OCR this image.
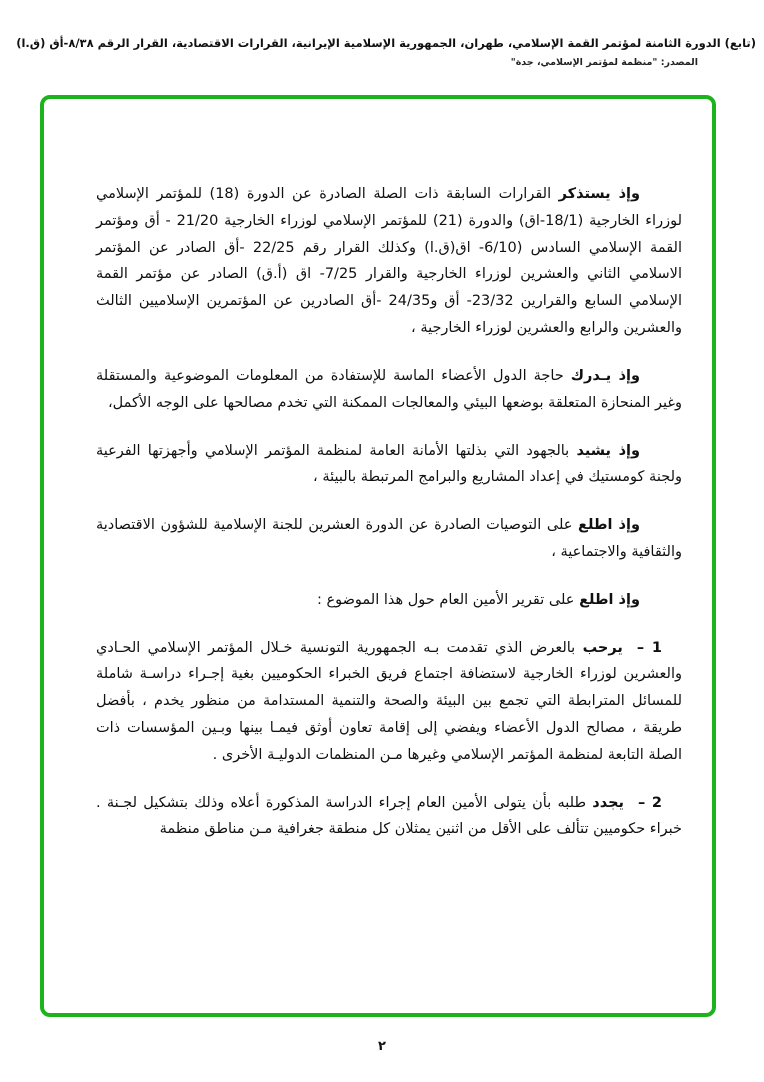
(تابع) الدورة الثامنة لمؤتمر القمة الإسلامي، طهران، الجمهورية الإسلامية الإيرانية، القرارات الاقتصادية، القرار الرقم ٨/٣٨-أق (ق.ا)
المصدر: "منظمة لمؤتمر الإسلامي، جدة"

وإذ يستذكر القرارات السابقة ذات الصلة الصادرة عن الدورة (18) للمؤتمر الإسلامي لوزراء الخارجية (18/1-اق) والدورة (21) للمؤتمر الإسلامي لوزراء الخارجية 21/20 - أق ومؤتمر القمة الإسلامي السادس (6/10- اق(ق.ا) وكذلك القرار رقم 22/25 -أق الصادر عن المؤتمر الاسلامي الثاني والعشرين لوزراء الخارجية والقرار 7/25- اق (أ.ق) الصادر عن مؤتمر القمة الإسلامي السابع والقرارين 23/32- أق و24/35 -أق الصادرين عن المؤتمرين الإسلاميين الثالث والعشرين والرابع والعشرين لوزراء الخارجية ،

وإذ يـدرك حاجة الدول الأعضاء الماسة للإستفادة من المعلومات الموضوعية والمستقلة وغير المنحازة المتعلقة بوضعها البيئي والمعالجات الممكنة التي تخدم مصالحها على الوجه الأكمل،

وإذ يشيد بالجهود التي بذلتها الأمانة العامة لمنظمة المؤتمر الإسلامي وأجهزتها الفرعية ولجنة كومستيك في إعداد المشاريع والبرامج المرتبطة بالبيئة ،

وإذ اطلع على التوصيات الصادرة عن الدورة العشرين للجنة الإسلامية للشؤون الاقتصادية والثقافية والاجتماعية ،

وإذ اطلع على تقرير الأمين العام حول هذا الموضوع :

1 –يرحب بالعرض الذي تقدمت بـه الجمهورية التونسية خـلال المؤتمر الإسلامي الحـادي والعشرين لوزراء الخارجية لاستضافة اجتماع فريق الخبراء الحكوميين بغية إجـراء دراسـة شاملة للمسائل المترابطة التي تجمع بين البيئة والصحة والتنمية المستدامة من منظور يخدم ، بأفضل طريقة ، مصالح الدول الأعضاء ويفضي إلى إقامة تعاون أوثق فيمـا بينها وبـين المؤسسات ذات الصلة التابعة لمنظمة المؤتمر الإسلامي وغيرها مـن المنظمات الدوليـة الأخرى .

2 –يجدد طلبه بأن يتولى الأمين العام إجراء الدراسة المذكورة أعلاه وذلك بتشكيل لجـنة . خبراء حكوميين تتألف على الأقل من اثنين يمثلان كل منطقة جغرافية مـن مناطق منظمة

٢
